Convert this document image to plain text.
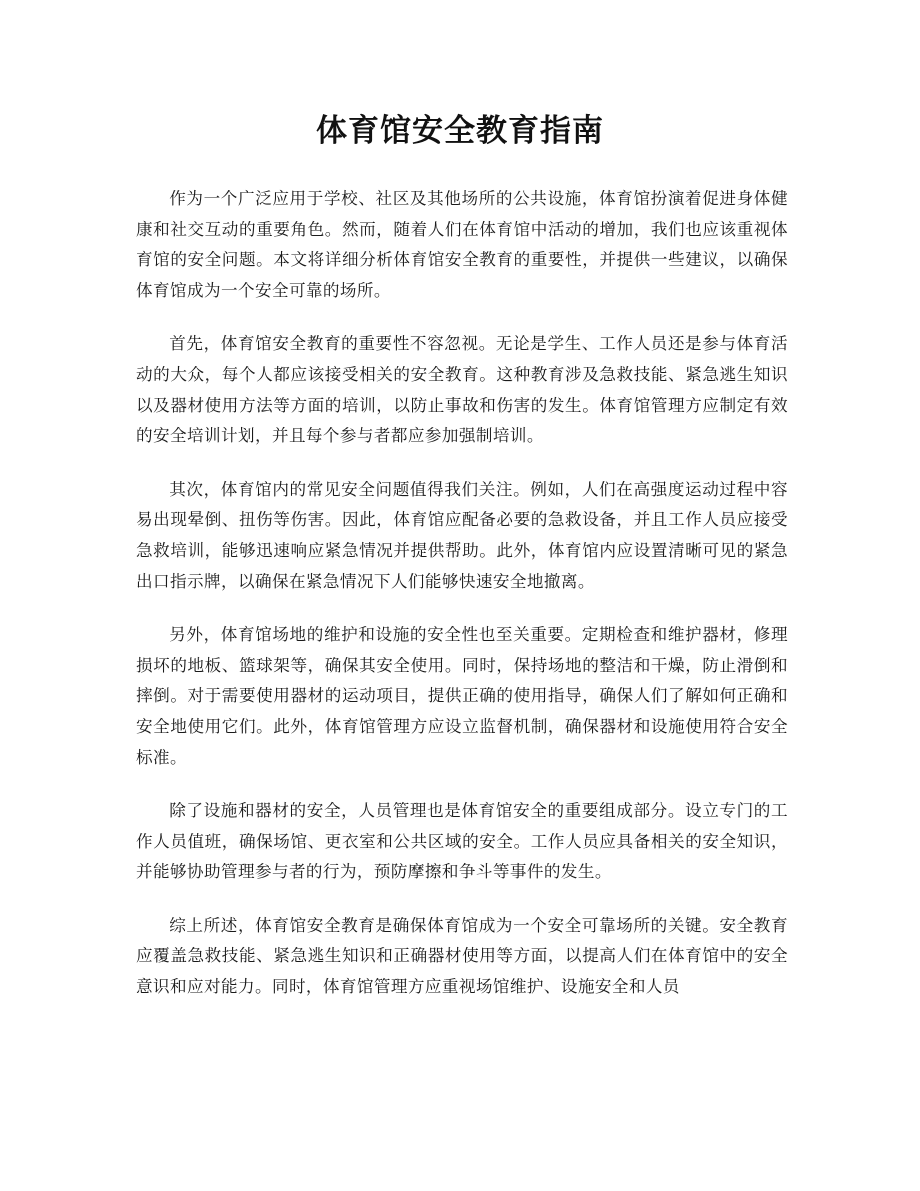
体育馆安全教育指南

作为一个广泛应用于学校、社区及其他场所的公共设施，体育馆扮演着促进身体健康和社交互动的重要角色。然而，随着人们在体育馆中活动的增加，我们也应该重视体育馆的安全问题。本文将详细分析体育馆安全教育的重要性，并提供一些建议，以确保体育馆成为一个安全可靠的场所。

首先，体育馆安全教育的重要性不容忽视。无论是学生、工作人员还是参与体育活动的大众，每个人都应该接受相关的安全教育。这种教育涉及急救技能、紧急逃生知识以及器材使用方法等方面的培训，以防止事故和伤害的发生。体育馆管理方应制定有效的安全培训计划，并且每个参与者都应参加强制培训。

其次，体育馆内的常见安全问题值得我们关注。例如，人们在高强度运动过程中容易出现晕倒、扭伤等伤害。因此，体育馆应配备必要的急救设备，并且工作人员应接受急救培训，能够迅速响应紧急情况并提供帮助。此外，体育馆内应设置清晰可见的紧急出口指示牌，以确保在紧急情况下人们能够快速安全地撤离。

另外，体育馆场地的维护和设施的安全性也至关重要。定期检查和维护器材，修理损坏的地板、篮球架等，确保其安全使用。同时，保持场地的整洁和干燥，防止滑倒和摔倒。对于需要使用器材的运动项目，提供正确的使用指导，确保人们了解如何正确和安全地使用它们。此外，体育馆管理方应设立监督机制，确保器材和设施使用符合安全标准。

除了设施和器材的安全，人员管理也是体育馆安全的重要组成部分。设立专门的工作人员值班，确保场馆、更衣室和公共区域的安全。工作人员应具备相关的安全知识，并能够协助管理参与者的行为，预防摩擦和争斗等事件的发生。

综上所述，体育馆安全教育是确保体育馆成为一个安全可靠场所的关键。安全教育应覆盖急救技能、紧急逃生知识和正确器材使用等方面，以提高人们在体育馆中的安全意识和应对能力。同时，体育馆管理方应重视场馆维护、设施安全和人员
